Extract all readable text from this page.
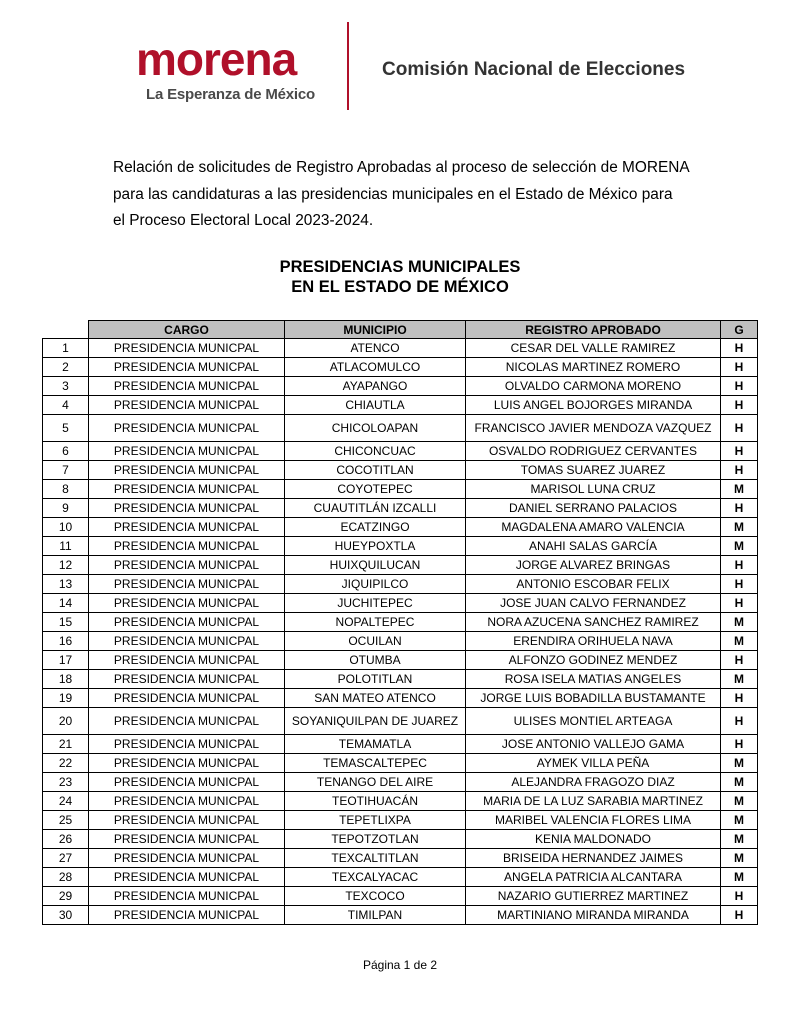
morena
La Esperanza de México
Comisión Nacional de Elecciones

Relación de solicitudes de Registro Aprobadas al proceso de selección de MORENA

para las candidaturas a las presidencias municipales en el Estado de México para

el Proceso Electoral Local 2023-2024.

PRESIDENCIAS MUNICIPALES
EN EL ESTADO DE MÉXICO
	CARGO	MUNICIPIO	REGISTRO APROBADO	G
1	PRESIDENCIA MUNICPAL	ATENCO	CESAR DEL VALLE RAMIREZ	H
2	PRESIDENCIA MUNICPAL	ATLACOMULCO	NICOLAS MARTINEZ ROMERO	H
3	PRESIDENCIA MUNICPAL	AYAPANGO	OLVALDO CARMONA MORENO	H
4	PRESIDENCIA MUNICPAL	CHIAUTLA	LUIS ANGEL BOJORGES MIRANDA	H
5	PRESIDENCIA MUNICPAL	CHICOLOAPAN	FRANCISCO JAVIER MENDOZA VAZQUEZ	H
6	PRESIDENCIA MUNICPAL	CHICONCUAC	OSVALDO RODRIGUEZ CERVANTES	H
7	PRESIDENCIA MUNICPAL	COCOTITLAN	TOMAS SUAREZ JUAREZ	H
8	PRESIDENCIA MUNICPAL	COYOTEPEC	MARISOL LUNA CRUZ	M
9	PRESIDENCIA MUNICPAL	CUAUTITLÁN IZCALLI	DANIEL SERRANO PALACIOS	H
10	PRESIDENCIA MUNICPAL	ECATZINGO	MAGDALENA AMARO VALENCIA	M
11	PRESIDENCIA MUNICPAL	HUEYPOXTLA	ANAHI SALAS GARCÍA	M
12	PRESIDENCIA MUNICPAL	HUIXQUILUCAN	JORGE ALVAREZ BRINGAS	H
13	PRESIDENCIA MUNICPAL	JIQUIPILCO	ANTONIO ESCOBAR FELIX	H
14	PRESIDENCIA MUNICPAL	JUCHITEPEC	JOSE JUAN CALVO FERNANDEZ	H
15	PRESIDENCIA MUNICPAL	NOPALTEPEC	NORA AZUCENA SANCHEZ RAMIREZ	M
16	PRESIDENCIA MUNICPAL	OCUILAN	ERENDIRA ORIHUELA NAVA	M
17	PRESIDENCIA MUNICPAL	OTUMBA	ALFONZO GODINEZ MENDEZ	H
18	PRESIDENCIA MUNICPAL	POLOTITLAN	ROSA ISELA MATIAS ANGELES	M
19	PRESIDENCIA MUNICPAL	SAN MATEO ATENCO	JORGE LUIS BOBADILLA BUSTAMANTE	H
20	PRESIDENCIA MUNICPAL	SOYANIQUILPAN DE JUAREZ	ULISES MONTIEL ARTEAGA	H
21	PRESIDENCIA MUNICPAL	TEMAMATLA	JOSE ANTONIO VALLEJO GAMA	H
22	PRESIDENCIA MUNICPAL	TEMASCALTEPEC	AYMEK VILLA PEÑA	M
23	PRESIDENCIA MUNICPAL	TENANGO DEL AIRE	ALEJANDRA FRAGOZO DIAZ	M
24	PRESIDENCIA MUNICPAL	TEOTIHUACÁN	MARIA DE LA LUZ SARABIA MARTINEZ	M
25	PRESIDENCIA MUNICPAL	TEPETLIXPA	MARIBEL VALENCIA FLORES LIMA	M
26	PRESIDENCIA MUNICPAL	TEPOTZOTLAN	KENIA MALDONADO	M
27	PRESIDENCIA MUNICPAL	TEXCALTITLAN	BRISEIDA HERNANDEZ JAIMES	M
28	PRESIDENCIA MUNICPAL	TEXCALYACAC	ANGELA PATRICIA ALCANTARA	M
29	PRESIDENCIA MUNICPAL	TEXCOCO	NAZARIO GUTIERREZ MARTINEZ	H
30	PRESIDENCIA MUNICPAL	TIMILPAN	MARTINIANO MIRANDA MIRANDA	H
Página 1 de 2
